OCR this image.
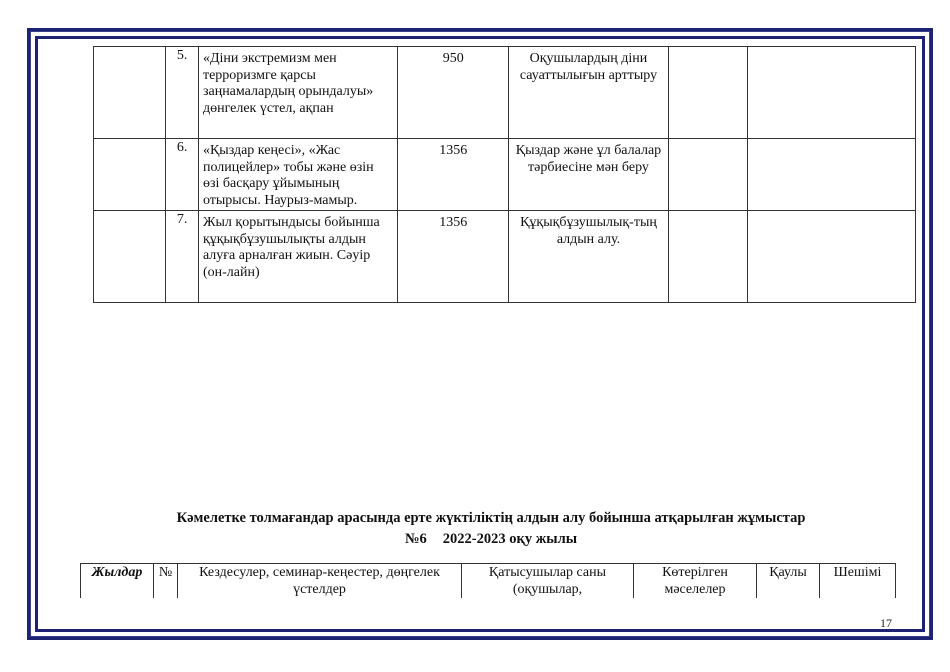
	5.	«Діни экстремизм мен терроризмге қарсы заңнамалардың орындалуы» дөнгелек үстел, ақпан	950	Оқушылардың діни сауаттылығын арттыру		
	6.	«Қыздар кеңесі», «Жас полицейлер» тобы және өзін өзі басқару ұйымының отырысы. Наурыз-мамыр.	1356	Қыздар және ұл балалар тәрбиесіне мән беру		
	7.	Жыл қорытындысы бойынша құқықбұзушылықты алдын алуға арналған жиын. Сәуір (он-лайн)	1356	Құқықбұзушылық-тың алдын алу.		
Кәмелетке толмағандар арасында ерте жүктіліктің алдын алу бойынша атқарылған жұмыстар
№6 2022-2023 оқу жылы
Жылдар	№	Кездесулер, семинар-кеңестер, дөңгелек үстелдер	Қатысушылар саны (оқушылар,	Көтерілген мәселелер	Қаулы	Шешімі
17
